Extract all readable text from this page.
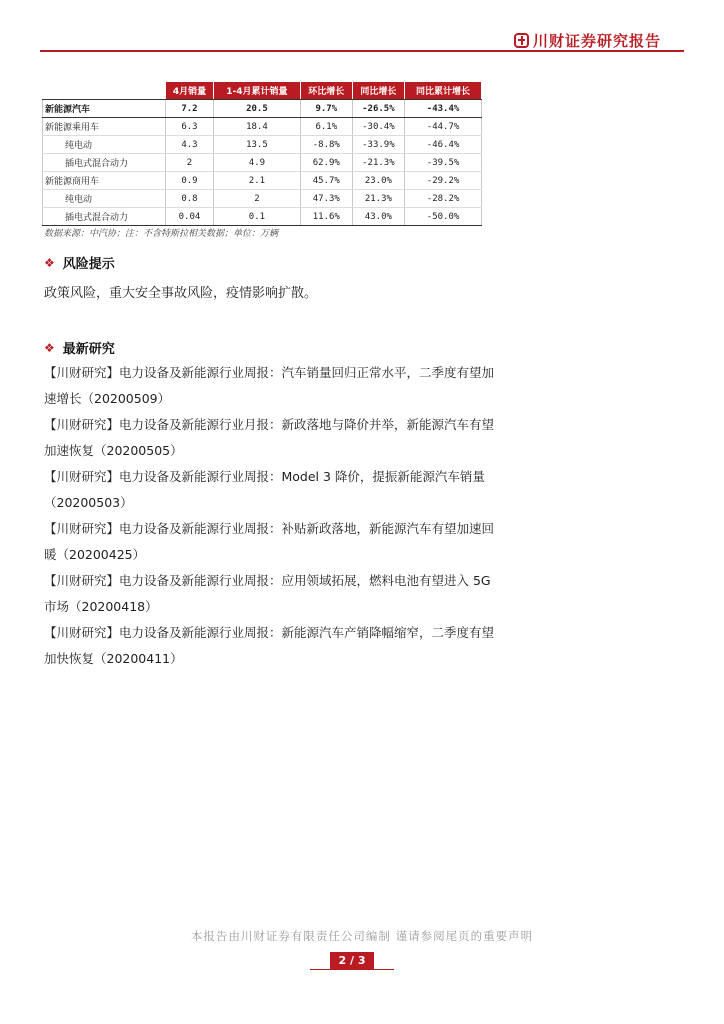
川财证券研究报告
	4月销量	1-4月累计销量	环比增长	同比增长	同比累计增长
新能源汽车	7.2	20.5	9.7%	-26.5%	-43.4%
新能源乘用车	6.3	18.4	6.1%	-30.4%	-44.7%
纯电动	4.3	13.5	-8.8%	-33.9%	-46.4%
插电式混合动力	2	4.9	62.9%	-21.3%	-39.5%
新能源商用车	0.9	2.1	45.7%	23.0%	-29.2%
纯电动	0.8	2	47.3%	21.3%	-28.2%
插电式混合动力	0.04	0.1	11.6%	43.0%	-50.0%
数据来源：中汽协；注：不含特斯拉相关数据；单位：万辆
❖ 风险提示
政策风险，重大安全事故风险，疫情影响扩散。
❖ 最新研究
【川财研究】电力设备及新能源行业周报：汽车销量回归正常水平，二季度有望加速增长（20200509）
【川财研究】电力设备及新能源行业月报：新政落地与降价并举，新能源汽车有望加速恢复（20200505）
【川财研究】电力设备及新能源行业周报：Model 3 降价，提振新能源汽车销量（20200503）
【川财研究】电力设备及新能源行业周报：补贴新政落地，新能源汽车有望加速回暖（20200425）
【川财研究】电力设备及新能源行业周报：应用领域拓展，燃料电池有望进入 5G 市场（20200418）
【川财研究】电力设备及新能源行业周报：新能源汽车产销降幅缩窄，二季度有望加快恢复（20200411）
本报告由川财证券有限责任公司编制 谨请参阅尾页的重要声明
2 / 3
